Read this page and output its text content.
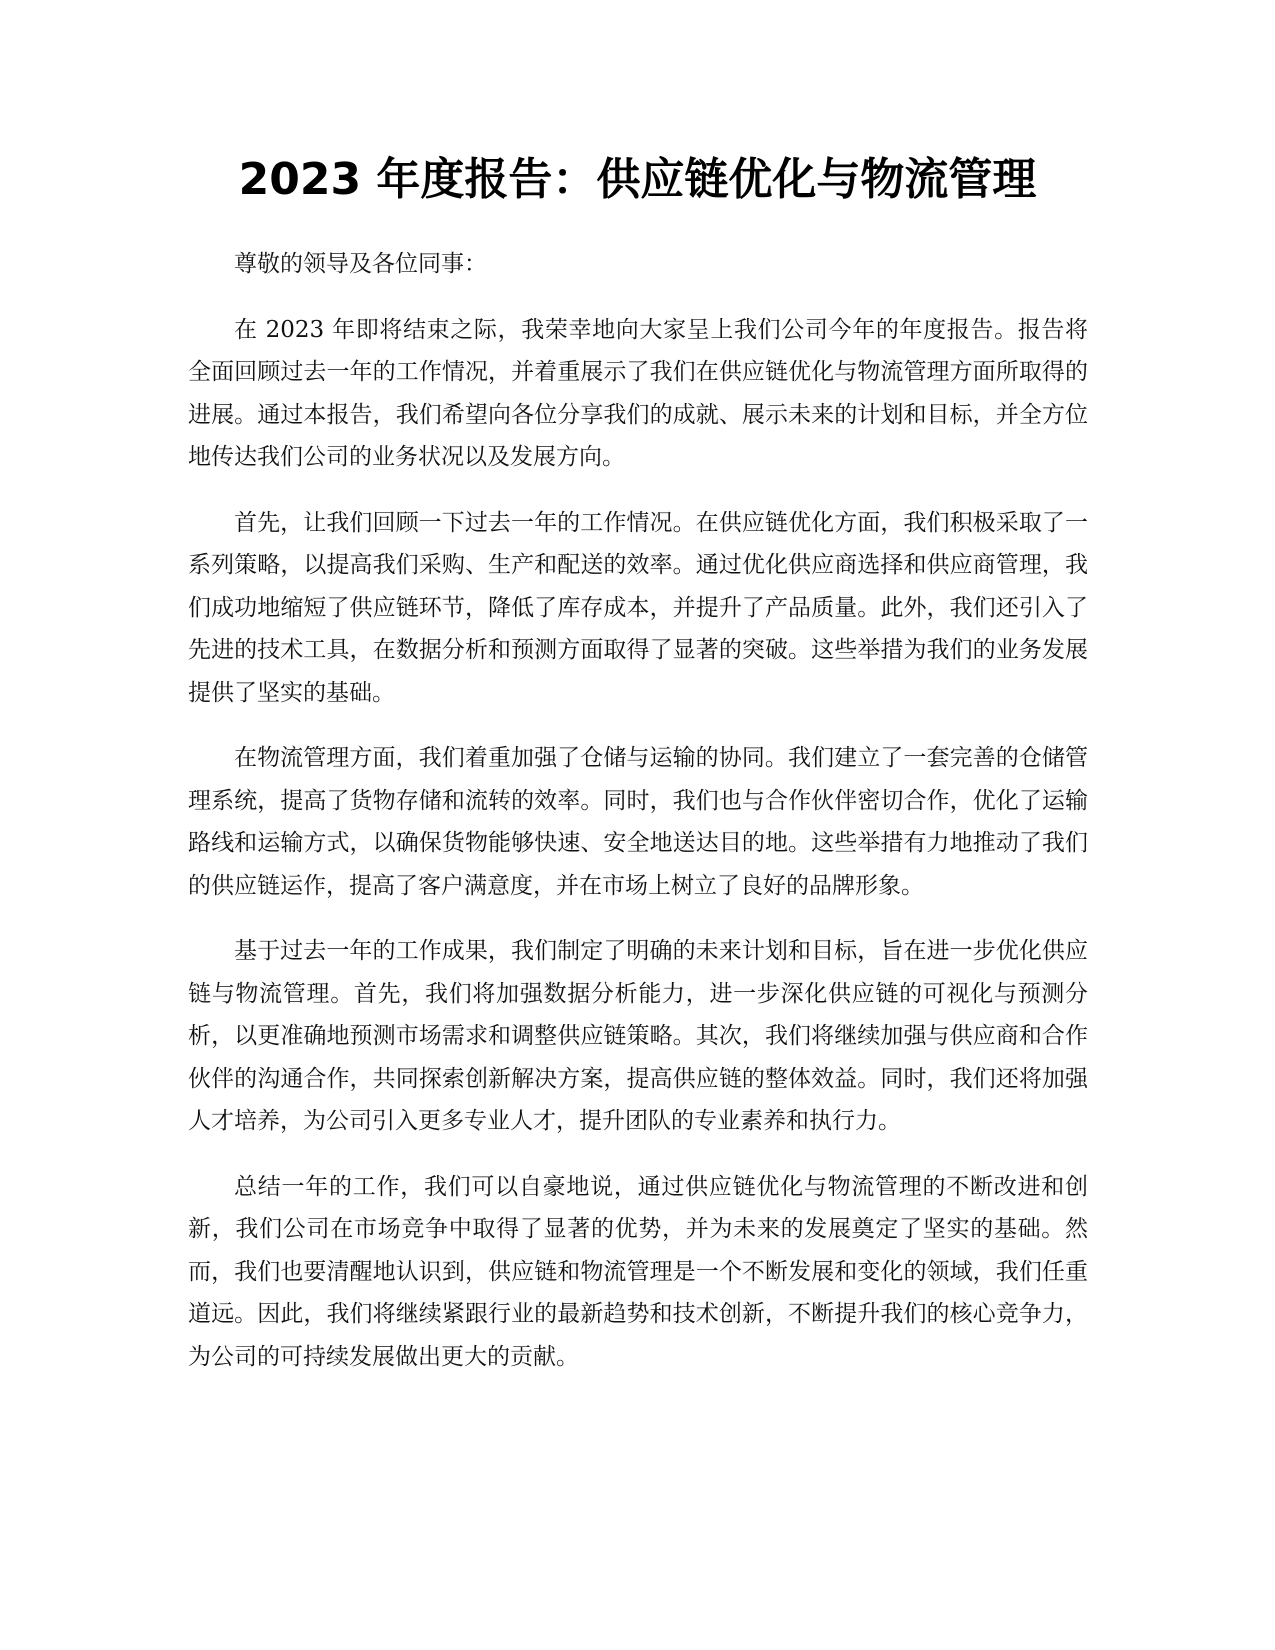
2023 年度报告：供应链优化与物流管理

尊敬的领导及各位同事：

在 2023 年即将结束之际，我荣幸地向大家呈上我们公司今年的年度报告。报告将全面回顾过去一年的工作情况，并着重展示了我们在供应链优化与物流管理方面所取得的进展。通过本报告，我们希望向各位分享我们的成就、展示未来的计划和目标，并全方位地传达我们公司的业务状况以及发展方向。

首先，让我们回顾一下过去一年的工作情况。在供应链优化方面，我们积极采取了一系列策略，以提高我们采购、生产和配送的效率。通过优化供应商选择和供应商管理，我们成功地缩短了供应链环节，降低了库存成本，并提升了产品质量。此外，我们还引入了先进的技术工具，在数据分析和预测方面取得了显著的突破。这些举措为我们的业务发展提供了坚实的基础。

在物流管理方面，我们着重加强了仓储与运输的协同。我们建立了一套完善的仓储管理系统，提高了货物存储和流转的效率。同时，我们也与合作伙伴密切合作，优化了运输路线和运输方式，以确保货物能够快速、安全地送达目的地。这些举措有力地推动了我们的供应链运作，提高了客户满意度，并在市场上树立了良好的品牌形象。

基于过去一年的工作成果，我们制定了明确的未来计划和目标，旨在进一步优化供应链与物流管理。首先，我们将加强数据分析能力，进一步深化供应链的可视化与预测分析，以更准确地预测市场需求和调整供应链策略。其次，我们将继续加强与供应商和合作伙伴的沟通合作，共同探索创新解决方案，提高供应链的整体效益。同时，我们还将加强人才培养，为公司引入更多专业人才，提升团队的专业素养和执行力。

总结一年的工作，我们可以自豪地说，通过供应链优化与物流管理的不断改进和创新，我们公司在市场竞争中取得了显著的优势，并为未来的发展奠定了坚实的基础。然而，我们也要清醒地认识到，供应链和物流管理是一个不断发展和变化的领域，我们任重道远。因此，我们将继续紧跟行业的最新趋势和技术创新，不断提升我们的核心竞争力，为公司的可持续发展做出更大的贡献。
